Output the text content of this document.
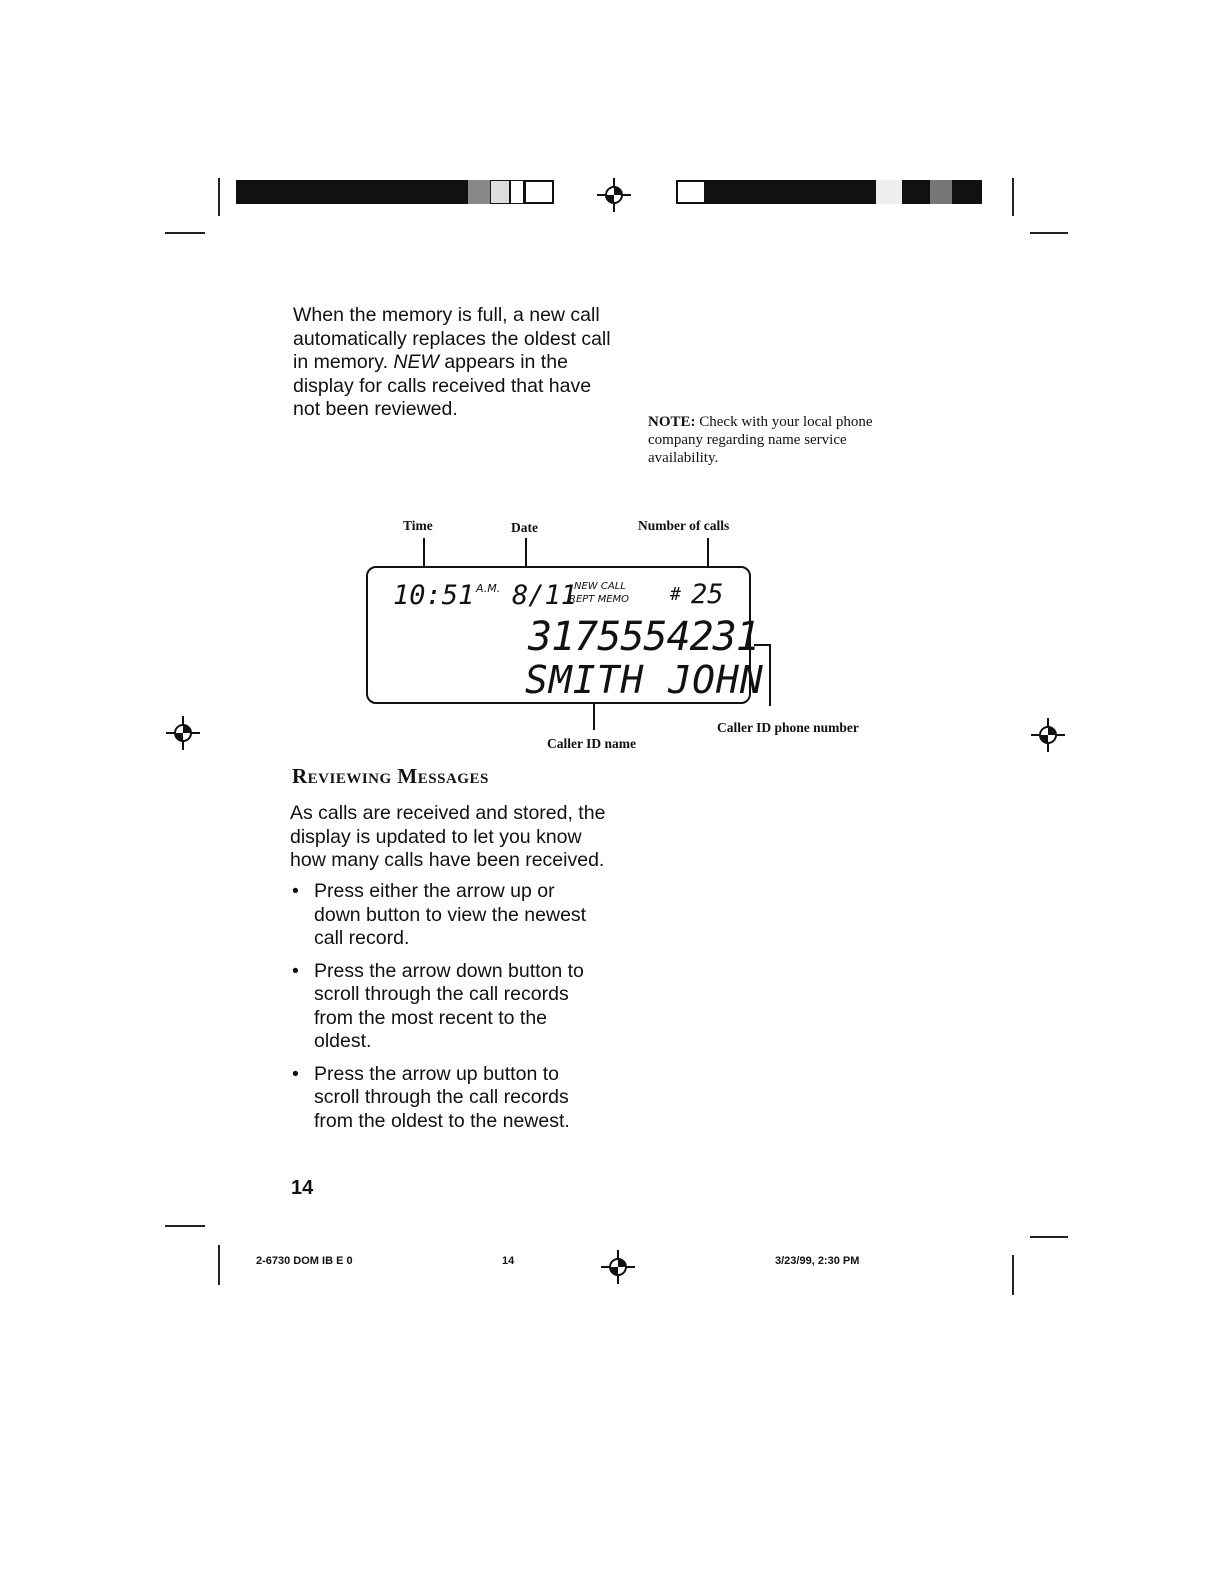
When the memory is full, a new call automatically replaces the oldest call in memory. NEW appears in the display for calls received that have not been reviewed.
NOTE: Check with your local phone company regarding name service availability.
Time	Date	Number of calls
Caller ID name
Caller ID phone number
10:51 A.M. 8/11
NEW CALL
REPT MEMO # 25
3175554231
SMITH JOHN
Reviewing Messages
As calls are received and stored, the display is updated to let you know how many calls have been received.
• Press either the arrow up or down button to view the newest call record.
• Press the arrow down button to scroll through the call records from the most recent to the oldest.
• Press the arrow up button to scroll through the call records from the oldest to the newest.
14
2-6730 DOM IB E 0	14	3/23/99, 2:30 PM
